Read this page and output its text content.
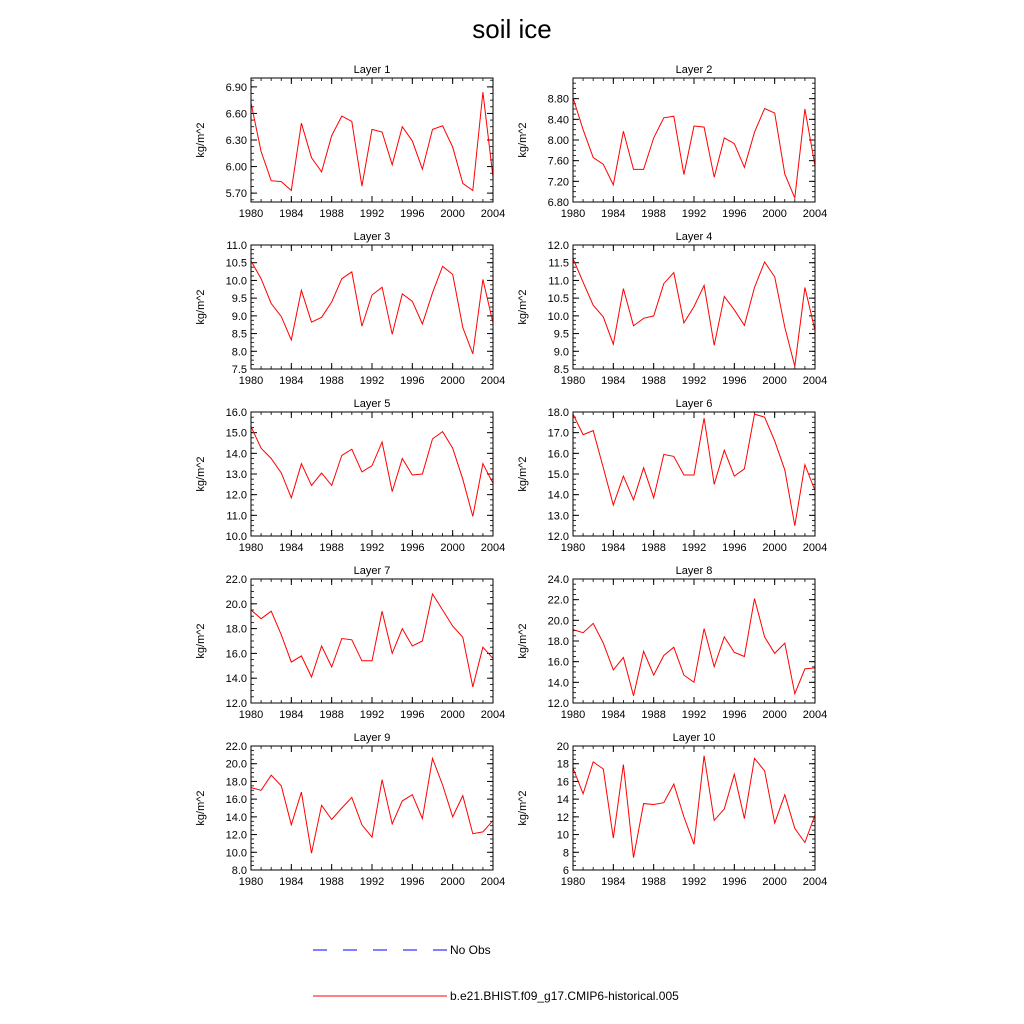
soil ice
Layer 1
kg/m^2
1980 1984 1988 1992 1996 2000 2004
5.70
6.00
6.30
6.60
6.90
Layer 2
kg/m^2
1980 1984 1988 1992 1996 2000 2004
6.80
7.20
7.60
8.00
8.40
8.80
Layer 3
kg/m^2
1980 1984 1988 1992 1996 2000 2004
7.5
8.0
8.5
9.0
9.5
10.0
10.5
11.0
Layer 4
kg/m^2
1980 1984 1988 1992 1996 2000 2004
8.5
9.0
9.5
10.0
10.5
11.0
11.5
12.0
Layer 5
kg/m^2
1980 1984 1988 1992 1996 2000 2004
10.0
11.0
12.0
13.0
14.0
15.0
16.0
Layer 6
kg/m^2
1980 1984 1988 1992 1996 2000 2004
12.0
13.0
14.0
15.0
16.0
17.0
18.0
Layer 7
kg/m^2
1980 1984 1988 1992 1996 2000 2004
12.0
14.0
16.0
18.0
20.0
22.0
Layer 8
kg/m^2
1980 1984 1988 1992 1996 2000 2004
12.0
14.0
16.0
18.0
20.0
22.0
24.0
Layer 9
kg/m^2
1980 1984 1988 1992 1996 2000 2004
8.0
10.0
12.0
14.0
16.0
18.0
20.0
22.0
Layer 10
kg/m^2
1980 1984 1988 1992 1996 2000 2004
6
8
10
12
14
16
18
20
No Obs
b.e21.BHIST.f09_g17.CMIP6-historical.005
